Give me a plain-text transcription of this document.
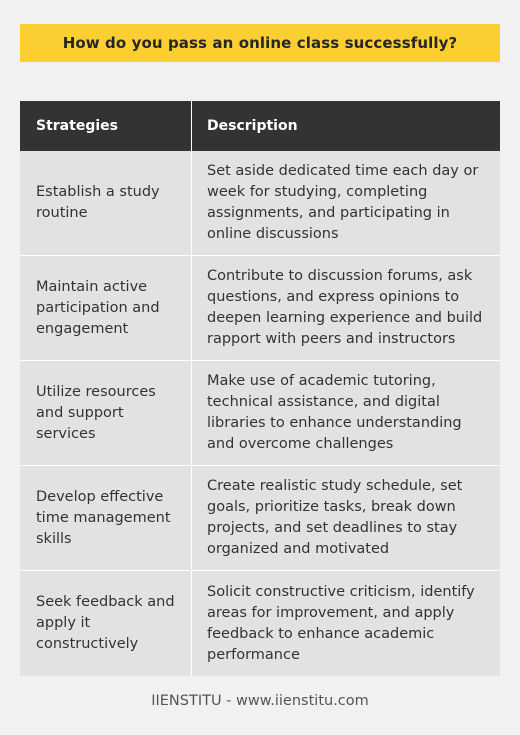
How do you pass an online class successfully?
Strategies	Description
Establish a study routine
Set aside dedicated time each day or week for studying, completing assignments, and participating in online discussions
Maintain active participation and engagement
Contribute to discussion forums, ask questions, and express opinions to deepen learning experience and build rapport with peers and instructors
Utilize resources and support services
Make use of academic tutoring, technical assistance, and digital libraries to enhance understanding and overcome challenges
Develop effective time management skills
Create realistic study schedule, set goals, prioritize tasks, break down projects, and set deadlines to stay organized and motivated
Seek feedback and apply it constructively
Solicit constructive criticism, identify areas for improvement, and apply feedback to enhance academic performance
IIENSTITU - www.iienstitu.com
